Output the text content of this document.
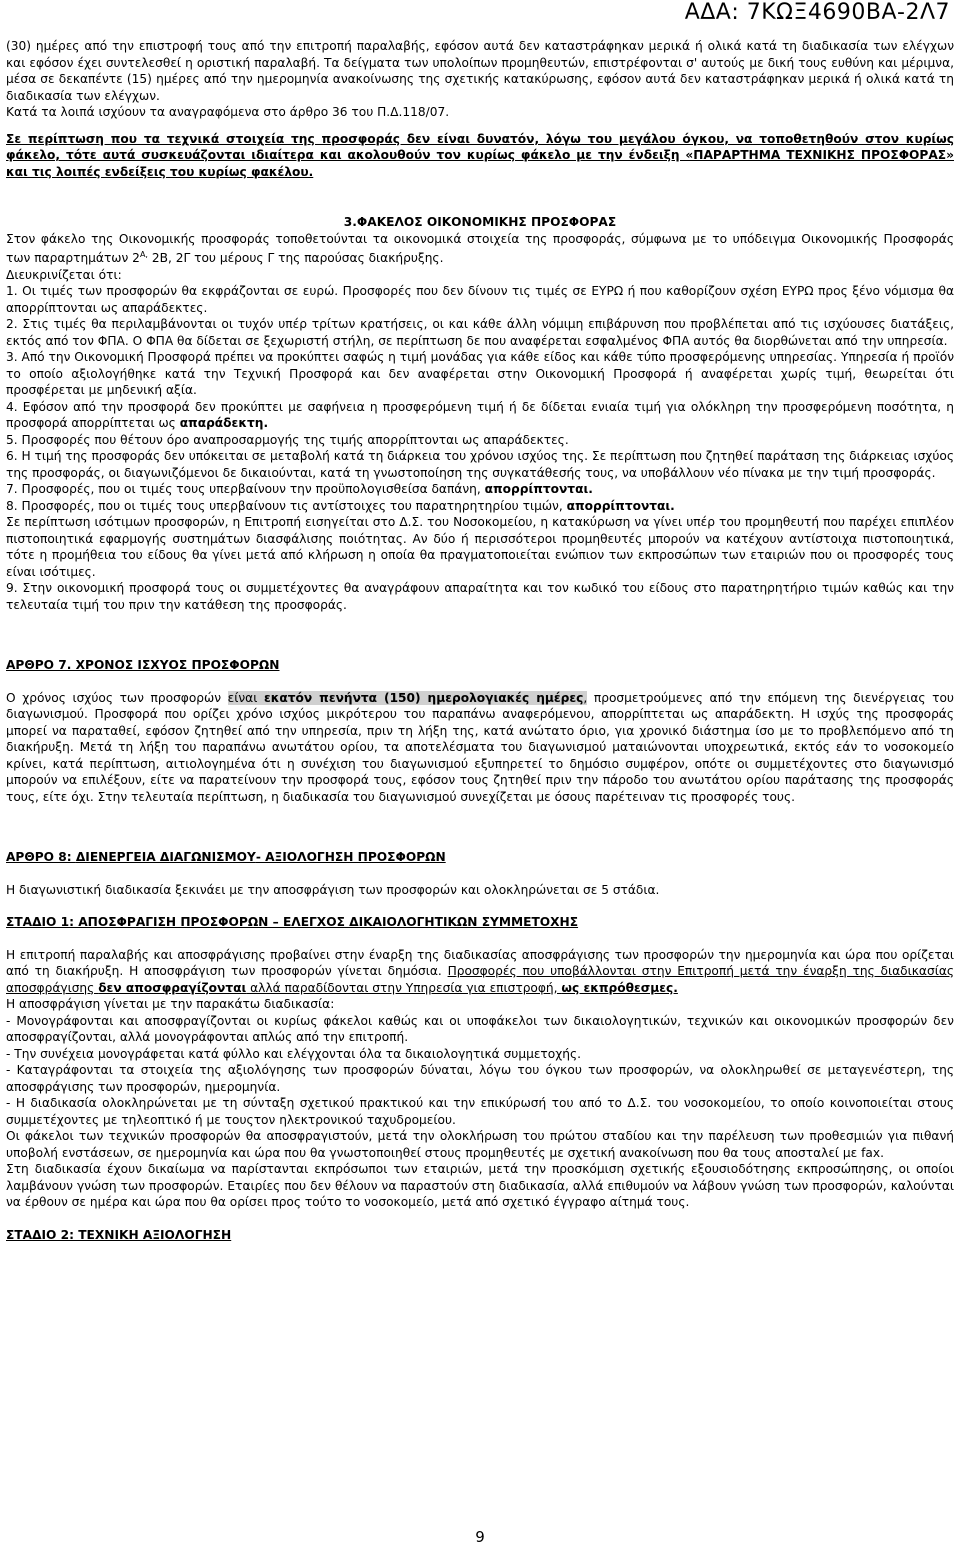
ΑΔΑ: 7ΚΩΞ4690ΒΑ-2Λ7

(30) ημέρες από την επιστροφή τους από την επιτροπή παραλαβής, εφόσον αυτά δεν καταστράφηκαν μερικά ή ολικά κατά τη διαδικασία των ελέγχων και εφόσον έχει συντελεσθεί η οριστική παραλαβή. Τα δείγματα των υπολοίπων προμηθευτών, επιστρέφονται σ' αυτούς με δική τους ευθύνη και μέριμνα, μέσα σε δεκαπέντε (15) ημέρες από την ημερομηνία ανακοίνωσης της σχετικής κατακύρωσης, εφόσον αυτά δεν καταστράφηκαν μερικά ή ολικά κατά τη διαδικασία των ελέγχων.

Κατά τα λοιπά ισχύουν τα αναγραφόμενα στο άρθρο 36 του Π.Δ.118/07.

Σε περίπτωση που τα τεχνικά στοιχεία της προσφοράς δεν είναι δυνατόν, λόγω του μεγάλου όγκου, να τοποθετηθούν στον κυρίως φάκελο, τότε αυτά συσκευάζονται ιδιαίτερα και ακολουθούν τον κυρίως φάκελο με την ένδειξη «ΠΑΡΑΡΤΗΜΑ ΤΕΧΝΙΚΗΣ ΠΡΟΣΦΟΡΑΣ» και τις λοιπές ενδείξεις του κυρίως φακέλου.

3.ΦΑΚΕΛΟΣ ΟΙΚΟΝΟΜΙΚΗΣ ΠΡΟΣΦΟΡΑΣ

Στον φάκελο της Οικονομικής προσφοράς τοποθετούνται τα οικονομικά στοιχεία της προσφοράς, σύμφωνα με το υπόδειγμα Οικονομικής Προσφοράς των παραρτημάτων $2^{A,}$ 2Β, 2Γ του μέρους Γ της παρούσας διακήρυξης.

Διευκρινίζεται ότι:

1. Οι τιμές των προσφορών θα εκφράζονται σε ευρώ. Προσφορές που δεν δίνουν τις τιμές σε ΕΥΡΩ ή που καθορίζουν σχέση ΕΥΡΩ προς ξένο νόμισμα θα απορρίπτονται ως απαράδεκτες.

2. Στις τιμές θα περιλαμβάνονται οι τυχόν υπέρ τρίτων κρατήσεις, οι και κάθε άλλη νόμιμη επιβάρυνση που προβλέπεται από τις ισχύουσες διατάξεις, εκτός από τον ΦΠΑ. Ο ΦΠΑ θα δίδεται σε ξεχωριστή στήλη, σε περίπτωση δε που αναφέρεται εσφαλμένος ΦΠΑ αυτός θα διορθώνεται από την υπηρεσία.

3. Από την Οικονομική Προσφορά πρέπει να προκύπτει σαφώς η τιμή μονάδας για κάθε είδος και κάθε τύπο προσφερόμενης υπηρεσίας. Υπηρεσία ή προϊόν το οποίο αξιολογήθηκε κατά την Τεχνική Προσφορά και δεν αναφέρεται στην Οικονομική Προσφορά ή αναφέρεται χωρίς τιμή, θεωρείται ότι προσφέρεται με μηδενική αξία.

4. Εφόσον από την προσφορά δεν προκύπτει με σαφήνεια η προσφερόμενη τιμή ή δε δίδεται ενιαία τιμή για ολόκληρη την προσφερόμενη ποσότητα, η προσφορά απορρίπτεται ως απαράδεκτη.

5. Προσφορές που θέτουν όρο αναπροσαρμογής της τιμής απορρίπτονται ως απαράδεκτες.

6. Η τιμή της προσφοράς δεν υπόκειται σε μεταβολή κατά τη διάρκεια του χρόνου ισχύος της. Σε περίπτωση που ζητηθεί παράταση της διάρκειας ισχύος της προσφοράς, οι διαγωνιζόμενοι δε δικαιούνται, κατά τη γνωστοποίηση της συγκατάθεσής τους, να υποβάλλουν νέο πίνακα με την τιμή προσφοράς.

7. Προσφορές, που οι τιμές τους υπερβαίνουν την προϋπολογισθείσα δαπάνη, απορρίπτονται.

8. Προσφορές, που οι τιμές τους υπερβαίνουν τις αντίστοιχες του παρατηρητηρίου τιμών, απορρίπτονται.

Σε περίπτωση ισότιμων προσφορών, η Επιτροπή εισηγείται στο Δ.Σ. του Νοσοκομείου, η κατακύρωση να γίνει υπέρ του προμηθευτή που παρέχει επιπλέον πιστοποιητικά εφαρμογής συστημάτων διασφάλισης ποιότητας. Αν δύο ή περισσότεροι προμηθευτές μπορούν να κατέχουν αντίστοιχα πιστοποιητικά, τότε η προμήθεια του είδους θα γίνει μετά από κλήρωση η οποία θα πραγματοποιείται ενώπιον των εκπροσώπων των εταιριών που οι προσφορές τους είναι ισότιμες.

9. Στην οικονομική προσφορά τους οι συμμετέχοντες θα αναγράφουν απαραίτητα και τον κωδικό του είδους στο παρατηρητήριο τιμών καθώς και την τελευταία τιμή του πριν την κατάθεση της προσφοράς.

ΑΡΘΡΟ 7. ΧΡΟΝΟΣ ΙΣΧΥΟΣ ΠΡΟΣΦΟΡΩΝ

Ο χρόνος ισχύος των προσφορών είναι εκατόν πενήντα (150) ημερολογιακές ημέρες, προσμετρούμενες από την επόμενη της διενέργειας του διαγωνισμού. Προσφορά που ορίζει χρόνο ισχύος μικρότερου του παραπάνω αναφερόμενου, απορρίπτεται ως απαράδεκτη. Η ισχύς της προσφοράς μπορεί να παραταθεί, εφόσον ζητηθεί από την υπηρεσία, πριν τη λήξη της, κατά ανώτατο όριο, για χρονικό διάστημα ίσο με το προβλεπόμενο από τη διακήρυξη. Μετά τη λήξη του παραπάνω ανωτάτου ορίου, τα αποτελέσματα του διαγωνισμού ματαιώνονται υποχρεωτικά, εκτός εάν το νοσοκομείο κρίνει, κατά περίπτωση, αιτιολογημένα ότι η συνέχιση του διαγωνισμού εξυπηρετεί το δημόσιο συμφέρον, οπότε οι συμμετέχοντες στο διαγωνισμό μπορούν να επιλέξουν, είτε να παρατείνουν την προσφορά τους, εφόσον τους ζητηθεί πριν την πάροδο του ανωτάτου ορίου παράτασης της προσφοράς τους, είτε όχι. Στην τελευταία περίπτωση, η διαδικασία του διαγωνισμού συνεχίζεται με όσους παρέτειναν τις προσφορές τους.

ΑΡΘΡΟ 8: ΔΙΕΝΕΡΓΕΙΑ ΔΙΑΓΩΝΙΣΜΟΥ- ΑΞΙΟΛΟΓΗΣΗ ΠΡΟΣΦΟΡΩΝ

Η διαγωνιστική διαδικασία ξεκινάει με την αποσφράγιση των προσφορών και ολοκληρώνεται σε 5 στάδια.

ΣΤΑΔΙΟ 1: ΑΠΟΣΦΡΑΓΙΣΗ ΠΡΟΣΦΟΡΩΝ – ΕΛΕΓΧΟΣ ΔΙΚΑΙΟΛΟΓΗΤΙΚΩΝ ΣΥΜΜΕΤΟΧΗΣ

Η επιτροπή παραλαβής και αποσφράγισης προβαίνει στην έναρξη της διαδικασίας αποσφράγισης των προσφορών την ημερομηνία και ώρα που ορίζεται από τη διακήρυξη. Η αποσφράγιση των προσφορών γίνεται δημόσια. Προσφορές που υποβάλλονται στην Επιτροπή μετά την έναρξη της διαδικασίας αποσφράγισης δεν αποσφραγίζονται αλλά παραδίδονται στην Υπηρεσία για επιστροφή, ως εκπρόθεσμες.

Η αποσφράγιση γίνεται με την παρακάτω διαδικασία:

- Μονογράφονται και αποσφραγίζονται οι κυρίως φάκελοι καθώς και οι υποφάκελοι των δικαιολογητικών, τεχνικών και οικονομικών προσφορών δεν αποσφραγίζονται, αλλά μονογράφονται απλώς από την επιτροπή.

- Την συνέχεια μονογράφεται κατά φύλλο και ελέγχονται όλα τα δικαιολογητικά συμμετοχής.

- Καταγράφονται τα στοιχεία της αξιολόγησης των προσφορών δύναται, λόγω του όγκου των προσφορών, να ολοκληρωθεί σε μεταγενέστερη, της αποσφράγισης των προσφορών, ημερομηνία.

- Η διαδικασία ολοκληρώνεται με τη σύνταξη σχετικού πρακτικού και την επικύρωσή του από το Δ.Σ. του νοσοκομείου, το οποίο κοινοποιείται στους συμμετέχοντες με τηλεοπτικό ή με τουςτον ηλεκτρονικού ταχυδρομείου.

Οι φάκελοι των τεχνικών προσφορών θα αποσφραγιστούν, μετά την ολοκλήρωση του πρώτου σταδίου και την παρέλευση των προθεσμιών για πιθανή υποβολή ενστάσεων, σε ημερομηνία και ώρα που θα γνωστοποιηθεί στους προμηθευτές με σχετική ανακοίνωση που θα τους αποσταλεί με fax.

Στη διαδικασία έχουν δικαίωμα να παρίστανται εκπρόσωποι των εταιριών, μετά την προσκόμιση σχετικής εξουσιοδότησης εκπροσώπησης, οι οποίοι λαμβάνουν γνώση των προσφορών. Εταιρίες που δεν θέλουν να παραστούν στη διαδικασία, αλλά επιθυμούν να λάβουν γνώση των προσφορών, καλούνται να έρθουν σε ημέρα και ώρα που θα ορίσει προς τούτο το νοσοκομείο, μετά από σχετικό έγγραφο αίτημά τους.

ΣΤΑΔΙΟ 2: ΤΕΧΝΙΚΗ ΑΞΙΟΛΟΓΗΣΗ

9
